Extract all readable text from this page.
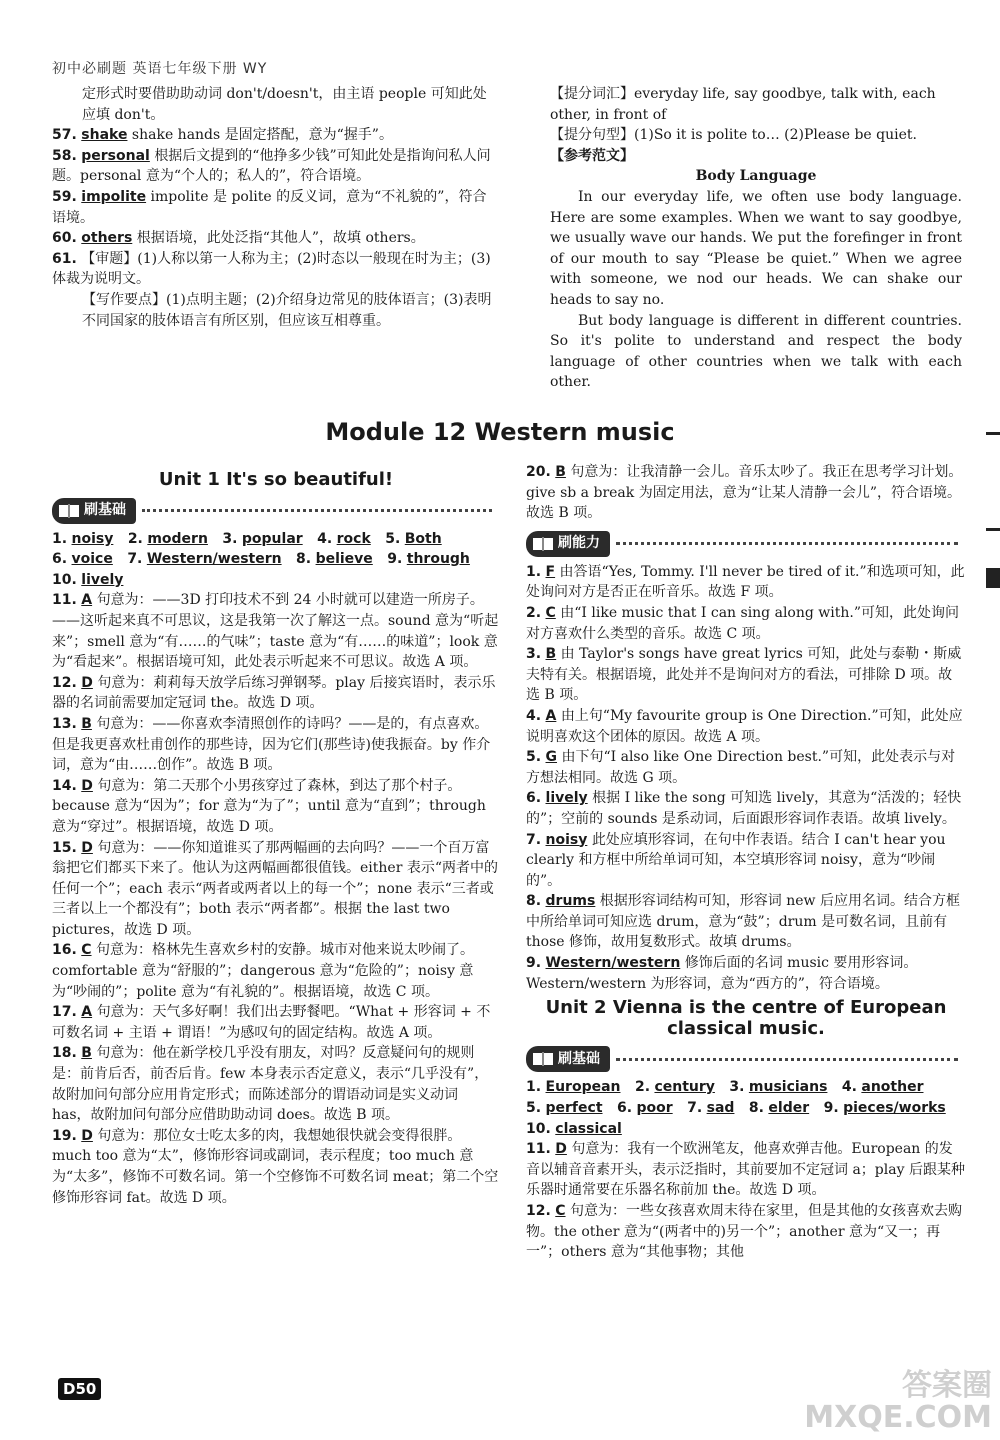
初中必刷题 英语七年级下册 WY

定形式时要借助助动词 don't/doesn't，由主语 people 可知此处应填 don't。

57. shake shake hands 是固定搭配，意为“握手”。

58. personal 根据后文提到的“他挣多少钱”可知此处是指询问私人问题。personal 意为“个人的；私人的”，符合语境。

59. impolite impolite 是 polite 的反义词，意为“不礼貌的”，符合语境。

60. others 根据语境，此处泛指“其他人”，故填 others。

61. 【审题】(1)人称以第一人称为主；(2)时态以一般现在时为主；(3)体裁为说明文。

【写作要点】(1)点明主题；(2)介绍身边常见的肢体语言；(3)表明不同国家的肢体语言有所区别，但应该互相尊重。

【提分词汇】everyday life, say goodbye, talk with, each other, in front of

【提分句型】(1)So it is polite to… (2)Please be quiet.

【参考范文】

Body Language

In our everyday life, we often use body language. Here are some examples. When we want to say goodbye, we usually wave our hands. We put the forefinger in front of our mouth to say “Please be quiet.” When we agree with someone, we nod our heads. We can shake our heads to say no.

But body language is different in different countries. So it's polite to understand and respect the body language of other countries when we talk with each other.

Module 12 Western music

Unit 1 It's so beautiful!

刷基础

1. noisy 2. modern 3. popular 4. rock 5. Both

6. voice 7. Western/western 8. believe 9. through

10. lively

11. A 句意为：——3D 打印技术不到 24 小时就可以建造一所房子。——这听起来真不可思议，这是我第一次了解这一点。sound 意为“听起来”；smell 意为“有……的气味”；taste 意为“有……的味道”；look 意为“看起来”。根据语境可知，此处表示听起来不可思议。故选 A 项。

12. D 句意为：莉莉每天放学后练习弹钢琴。play 后接宾语时，表示乐器的名词前需要加定冠词 the。故选 D 项。

13. B 句意为：——你喜欢李清照创作的诗吗？——是的，有点喜欢。但是我更喜欢杜甫创作的那些诗，因为它们(那些诗)使我振奋。by 作介词，意为“由……创作”。故选 B 项。

14. D 句意为：第二天那个小男孩穿过了森林，到达了那个村子。because 意为“因为”；for 意为“为了”；until 意为“直到”；through 意为“穿过”。根据语境，故选 D 项。

15. D 句意为：——你知道谁买了那两幅画的去向吗？——一个百万富翁把它们都买下来了。他认为这两幅画都很值钱。either 表示“两者中的任何一个”；each 表示“两者或两者以上的每一个”；none 表示“三者或三者以上一个都没有”；both 表示“两者都”。根据 the last two pictures，故选 D 项。

16. C 句意为：格林先生喜欢乡村的安静。城市对他来说太吵闹了。comfortable 意为“舒服的”；dangerous 意为“危险的”；noisy 意为“吵闹的”；polite 意为“有礼貌的”。根据语境，故选 C 项。

17. A 句意为：天气多好啊！我们出去野餐吧。“What + 形容词 + 不可数名词 + 主语 + 谓语！”为感叹句的固定结构。故选 A 项。

18. B 句意为：他在新学校几乎没有朋友，对吗？反意疑问句的规则是：前肯后否，前否后肯。few 本身表示否定意义，表示“几乎没有”，故附加问句部分应用肯定形式；而陈述部分的谓语动词是实义动词 has，故附加问句部分应借助助动词 does。故选 B 项。

19. D 句意为：那位女士吃太多的肉，我想她很快就会变得很胖。much too 意为“太”，修饰形容词或副词，表示程度；too much 意为“太多”，修饰不可数名词。第一个空修饰不可数名词 meat；第二个空修饰形容词 fat。故选 D 项。

20. B 句意为：让我清静一会儿。音乐太吵了。我正在思考学习计划。give sb a break 为固定用法，意为“让某人清静一会儿”，符合语境。故选 B 项。

刷能力

1. F 由答语“Yes, Tommy. I'll never be tired of it.”和选项可知，此处询问对方是否正在听音乐。故选 F 项。

2. C 由“I like music that I can sing along with.”可知，此处询问对方喜欢什么类型的音乐。故选 C 项。

3. B 由 Taylor's songs have great lyrics 可知，此处与泰勒・斯威夫特有关。根据语境，此处并不是询问对方的看法，可排除 D 项。故选 B 项。

4. A 由上句“My favourite group is One Direction.”可知，此处应说明喜欢这个团体的原因。故选 A 项。

5. G 由下句“I also like One Direction best.”可知，此处表示与对方想法相同。故选 G 项。

6. lively 根据 I like the song 可知选 lively，其意为“活泼的；轻快的”；空前的 sounds 是系动词，后面跟形容词作表语。故填 lively。

7. noisy 此处应填形容词，在句中作表语。结合 I can't hear you clearly 和方框中所给单词可知，本空填形容词 noisy，意为“吵闹的”。

8. drums 根据形容词结构可知，形容词 new 后应用名词。结合方框中所给单词可知应选 drum，意为“鼓”；drum 是可数名词，且前有 those 修饰，故用复数形式。故填 drums。

9. Western/western 修饰后面的名词 music 要用形容词。Western/western 为形容词，意为“西方的”，符合语境。

Unit 2 Vienna is the centre of European

classical music.

刷基础

1. European 2. century 3. musicians 4. another

5. perfect 6. poor 7. sad 8. elder 9. pieces/works

10. classical

11. D 句意为：我有一个欧洲笔友，他喜欢弹吉他。European 的发音以辅音音素开头，表示泛指时，其前要加不定冠词 a；play 后跟某种乐器时通常要在乐器名称前加 the。故选 D 项。

12. C 句意为：一些女孩喜欢周末待在家里，但是其他的女孩喜欢去购物。the other 意为“(两者中的)另一个”；another 意为“又一；再一”；others 意为“其他事物；其他

D50	答案圈
MXQE.COM
